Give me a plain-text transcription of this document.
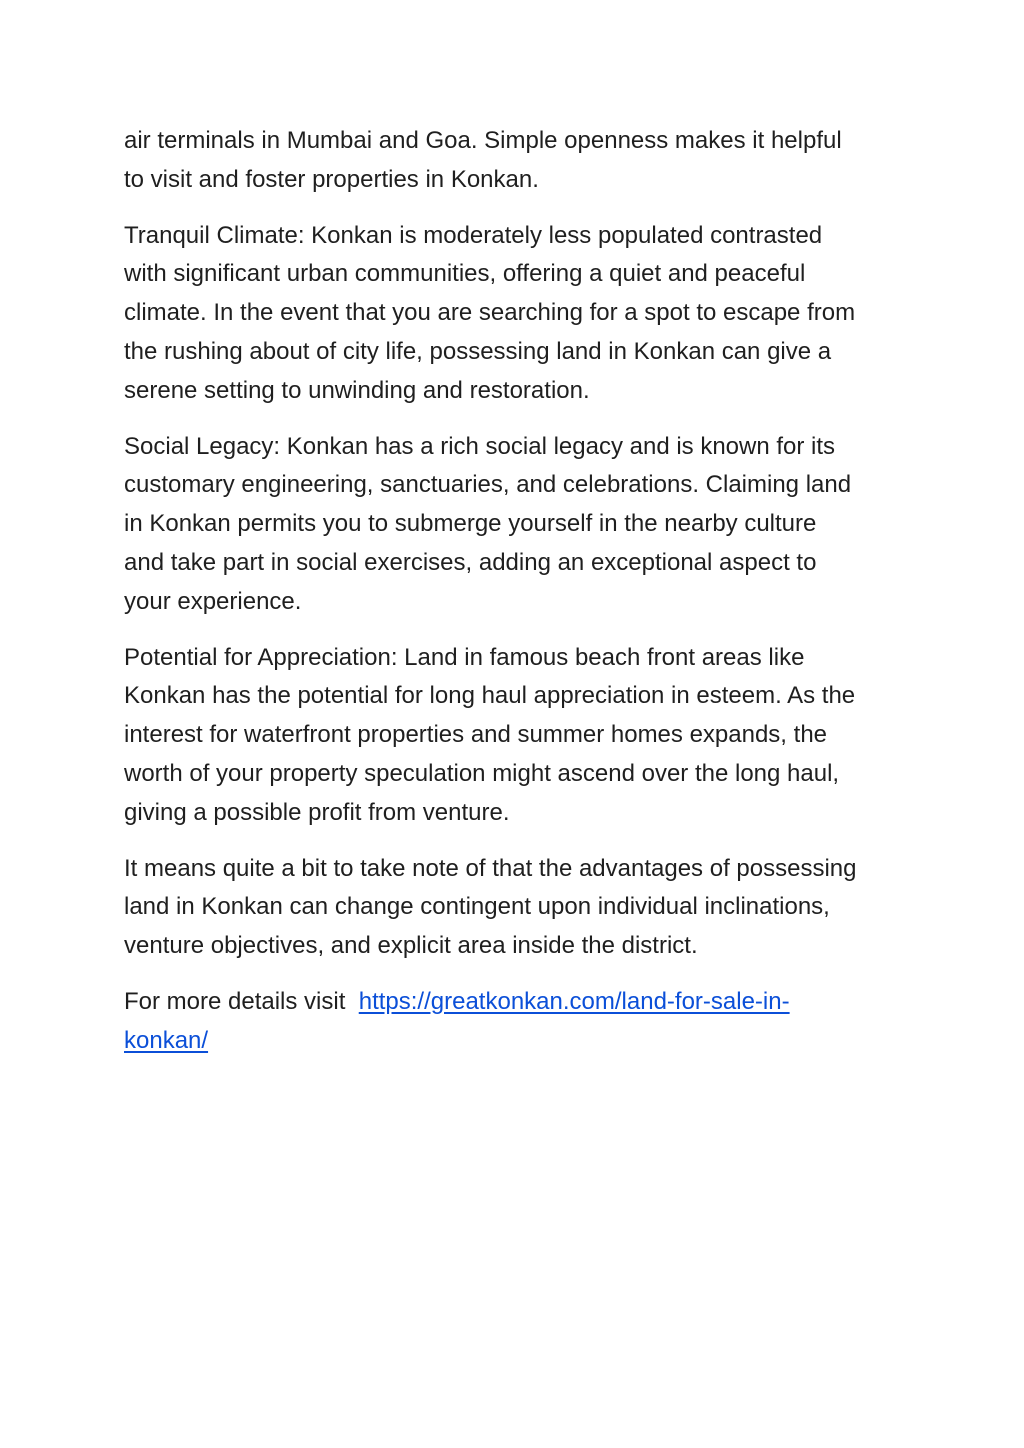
air terminals in Mumbai and Goa. Simple openness makes it helpful
to visit and foster properties in Konkan.

Tranquil Climate: Konkan is moderately less populated contrasted
with significant urban communities, offering a quiet and peaceful
climate. In the event that you are searching for a spot to escape from
the rushing about of city life, possessing land in Konkan can give a
serene setting to unwinding and restoration.

Social Legacy: Konkan has a rich social legacy and is known for its
customary engineering, sanctuaries, and celebrations. Claiming land
in Konkan permits you to submerge yourself in the nearby culture
and take part in social exercises, adding an exceptional aspect to
your experience.

Potential for Appreciation: Land in famous beach front areas like
Konkan has the potential for long haul appreciation in esteem. As the
interest for waterfront properties and summer homes expands, the
worth of your property speculation might ascend over the long haul,
giving a possible profit from venture.

It means quite a bit to take note of that the advantages of possessing
land in Konkan can change contingent upon individual inclinations,
venture objectives, and explicit area inside the district.

For more details visit  https://greatkonkan.com/land-for-sale-in-
konkan/
